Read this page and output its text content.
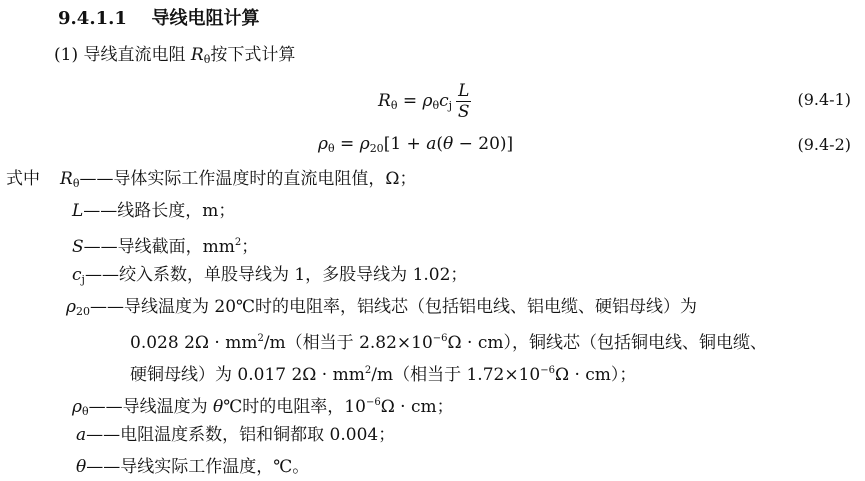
9.4.1.1 导线电阻计算
(1) 导线直流电阻 $R_\theta$按下式计算
$R_\theta = \rho_\theta c_j \frac{L}{S}$	(9.4-1)
$\rho_\theta = \rho_{20}[1 + a(\theta - 20)]$	(9.4-2)
式中 $R_\theta——$导体实际工作温度时的直流电阻值，Ω；
L——线路长度，m；
S——导线截面，$mm^2$；
$c_j——$绞入系数，单股导线为 1，多股导线为 1.02；
$\rho_{20}——$导线温度为 20℃时的电阻率，铝线芯（包括铝电线、铝电缆、硬铝母线）为
0.028 $2\Omega \cdot mm^2/m$（相当于 $2.82\times 10^{-6}\Omega \cdot cm$），铜线芯（包括铜电线、铜电缆、
硬铜母线）为 0.017 $2\Omega \cdot mm^2/m$（相当于 $1.72\times 10^{-6}\Omega \cdot cm$）；
$\rho_\theta——$导线温度为 θ℃时的电阻率，$10^{-6}\Omega$ · cm；
a——电阻温度系数，铝和铜都取 0.004；
θ——导线实际工作温度，℃。
